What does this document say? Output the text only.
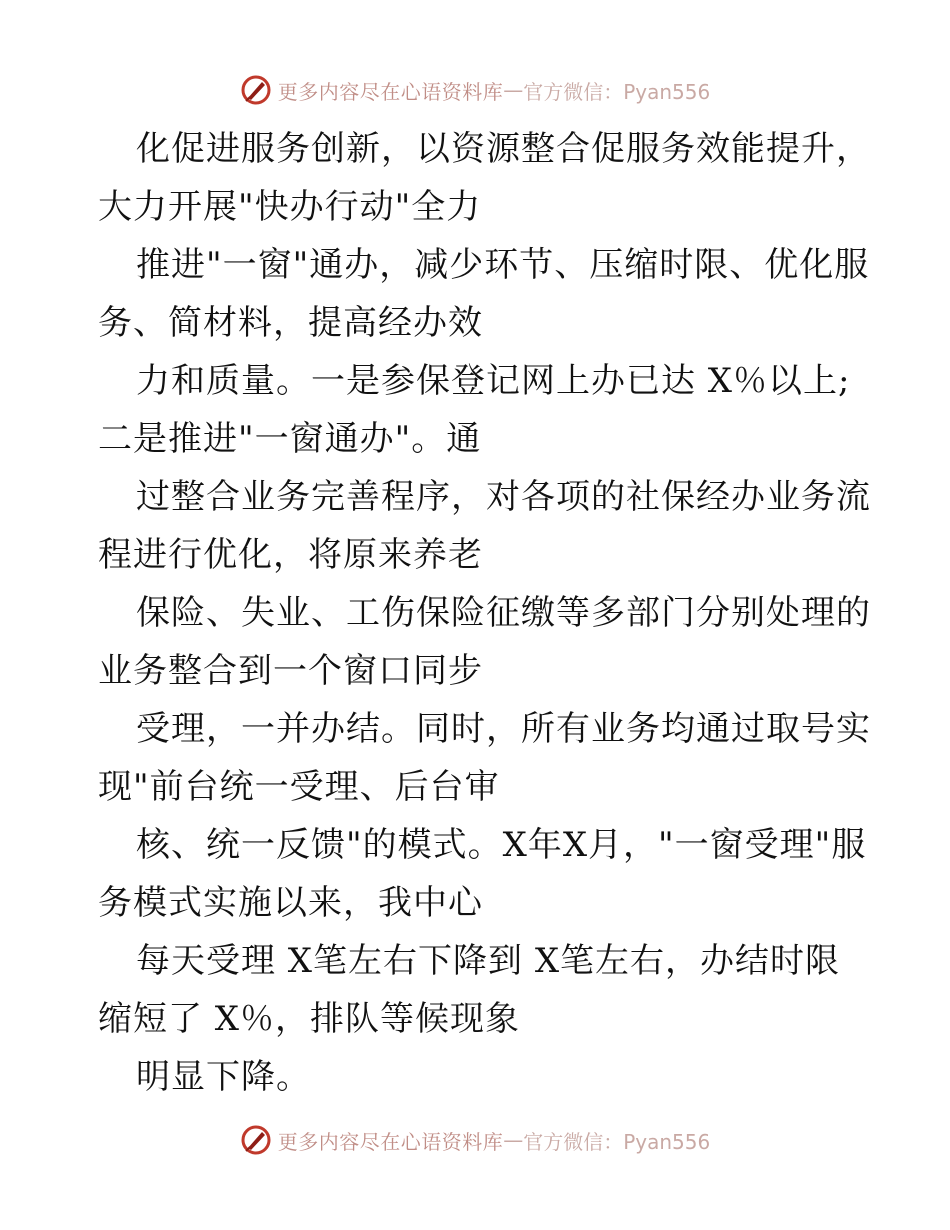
更多内容尽在心语资料库 — 官方微信：Pyan556
化促进服务创新，以资源整合促服务效能提升，
大力开展"快办行动"全力
推进"一窗"通办，减少环节、压缩时限、优化服
务、简材料，提高经办效
力和质量。一是参保登记网上办已达 X％以上;
二是推进"一窗通办"。通
过整合业务完善程序，对各项的社保经办业务流
程进行优化，将原来养老
保险、失业、工伤保险征缴等多部门分别处理的
业务整合到一个窗口同步
受理，一并办结。同时，所有业务均通过取号实
现"前台统一受理、后台审
核、统一反馈"的模式。X年X月，"一窗受理"服
务模式实施以来，我中心
每天受理 X笔左右下降到 X笔左右，办结时限
缩短了 X％，排队等候现象
明显下降。
更多内容尽在心语资料库 — 官方微信：Pyan556
